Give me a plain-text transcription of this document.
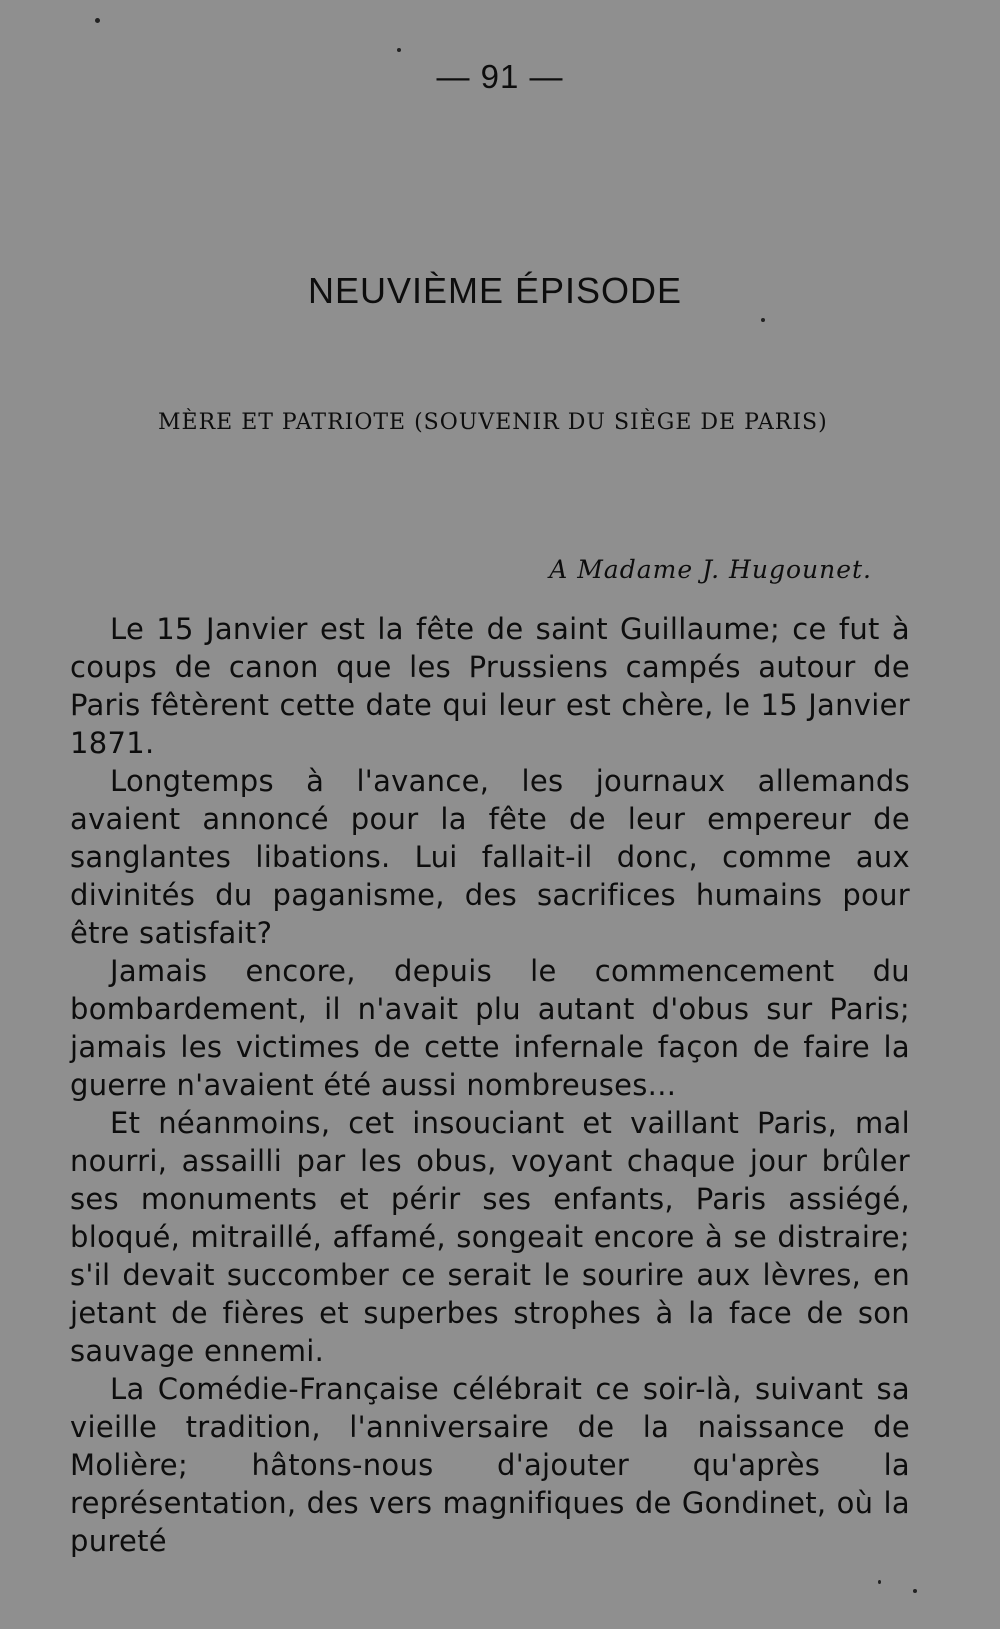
— 91 —
NEUVIÈME ÉPISODE
MÈRE ET PATRIOTE (SOUVENIR DU SIÈGE DE PARIS)
A Madame J. Hugounet.

Le 15 Janvier est la fête de saint Guillaume; ce fut à coups de canon que les Prussiens campés autour de Paris fêtèrent cette date qui leur est chère, le 15 Janvier 1871.

Longtemps à l'avance, les journaux allemands avaient annoncé pour la fête de leur empereur de sanglantes libations. Lui fallait-il donc, comme aux divinités du paganisme, des sacrifices humains pour être satisfait?

Jamais encore, depuis le commencement du bombardement, il n'avait plu autant d'obus sur Paris; jamais les victimes de cette infernale façon de faire la guerre n'avaient été aussi nombreuses...

Et néanmoins, cet insouciant et vaillant Paris, mal nourri, assailli par les obus, voyant chaque jour brûler ses monuments et périr ses enfants, Paris assiégé, bloqué, mitraillé, affamé, songeait encore à se distraire; s'il devait succomber ce serait le sourire aux lèvres, en jetant de fières et superbes strophes à la face de son sauvage ennemi.

La Comédie-Française célébrait ce soir-là, suivant sa vieille tradition, l'anniversaire de la naissance de Molière; hâtons-nous d'ajouter qu'après la représentation, des vers magnifiques de Gondinet, où la pureté
